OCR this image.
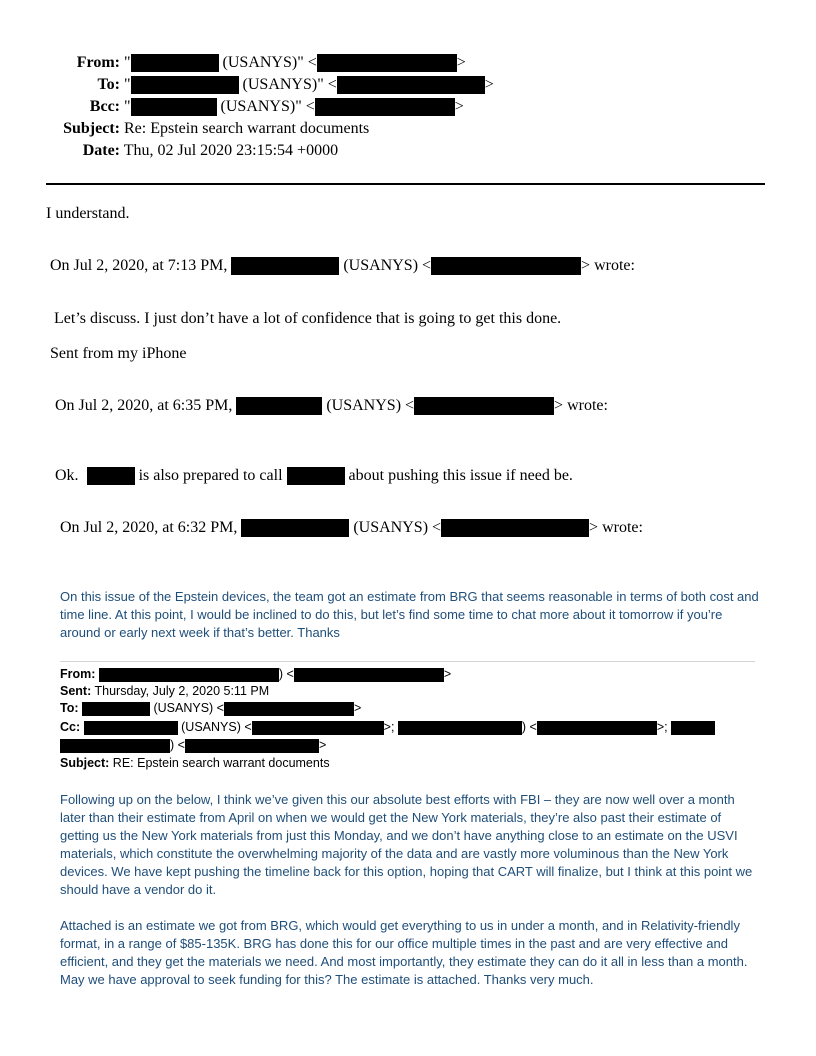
From: "	(USANYS)" <	>
To: "	(USANYS)" <	>
Bcc: "	(USANYS)" <	>
Subject: Re: Epstein search warrant documents
Date: Thu, 02 Jul 2020 23:15:54 +0000
I understand.
On Jul 2, 2020, at 7:13 PM,	(USANYS) <	> wrote:
Let’s discuss. I just don’t have a lot of confidence that is going to get this done.
Sent from my iPhone
On Jul 2, 2020, at 6:35 PM,	(USANYS) <	> wrote:
Ok.	is also prepared to call	about pushing this issue if need be.
On Jul 2, 2020, at 6:32 PM,	(USANYS) <	> wrote:
On this issue of the Epstein devices, the team got an estimate from BRG that seems reasonable in terms of both cost and time line. At this point, I would be inclined to do this, but let’s find some time to chat more about it tomorrow if you’re around or early next week if that’s better. Thanks
From:	) <	>
Sent: Thursday, July 2, 2020 5:11 PM
To:	(USANYS) <	>
Cc:	(USANYS) <	>;	) <	>;
) <	>
Subject: RE: Epstein search warrant documents
Following up on the below, I think we’ve given this our absolute best efforts with FBI – they are now well over a month later than their estimate from April on when we would get the New York materials, they’re also past their estimate of getting us the New York materials from just this Monday, and we don’t have anything close to an estimate on the USVI materials, which constitute the overwhelming majority of the data and are vastly more voluminous than the New York devices. We have kept pushing the timeline back for this option, hoping that CART will finalize, but I think at this point we should have a vendor do it.
Attached is an estimate we got from BRG, which would get everything to us in under a month, and in Relativity-friendly format, in a range of $85-135K. BRG has done this for our office multiple times in the past and are very effective and efficient, and they get the materials we need. And most importantly, they estimate they can do it all in less than a month. May we have approval to seek funding for this? The estimate is attached. Thanks very much.
